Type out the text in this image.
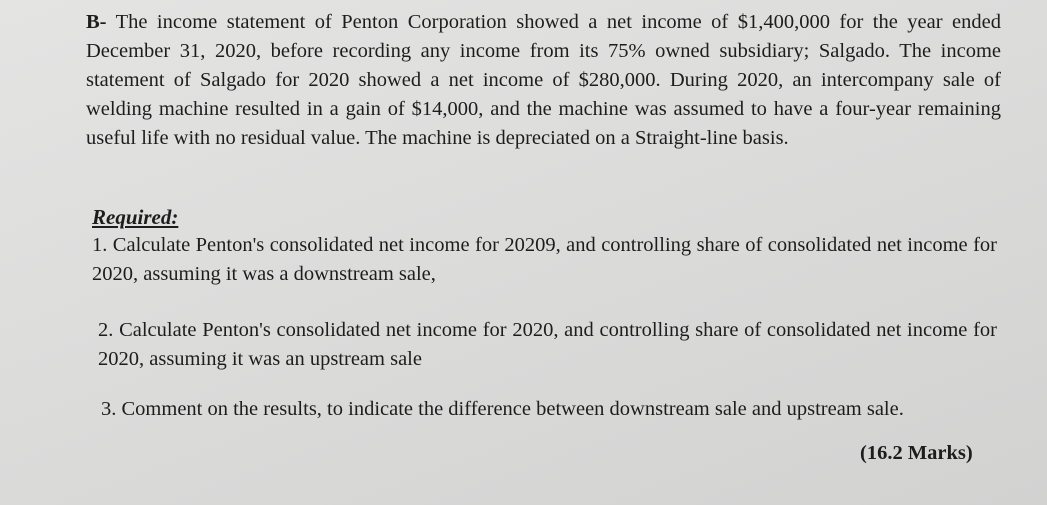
B- The income statement of Penton Corporation showed a net income of $1,400,000 for the year ended December 31, 2020, before recording any income from its 75% owned subsidiary; Salgado. The income statement of Salgado for 2020 showed a net income of $280,000. During 2020, an intercompany sale of welding machine resulted in a gain of $14,000, and the machine was assumed to have a four-year remaining useful life with no residual value. The machine is depreciated on a Straight-line basis.

Required:

1. Calculate Penton's consolidated net income for 20209, and controlling share of consolidated net income for 2020, assuming it was a downstream sale,

2. Calculate Penton's consolidated net income for 2020, and controlling share of consolidated net income for 2020, assuming it was an upstream sale

3. Comment on the results, to indicate the difference between downstream sale and upstream sale.

(16.2 Marks)
